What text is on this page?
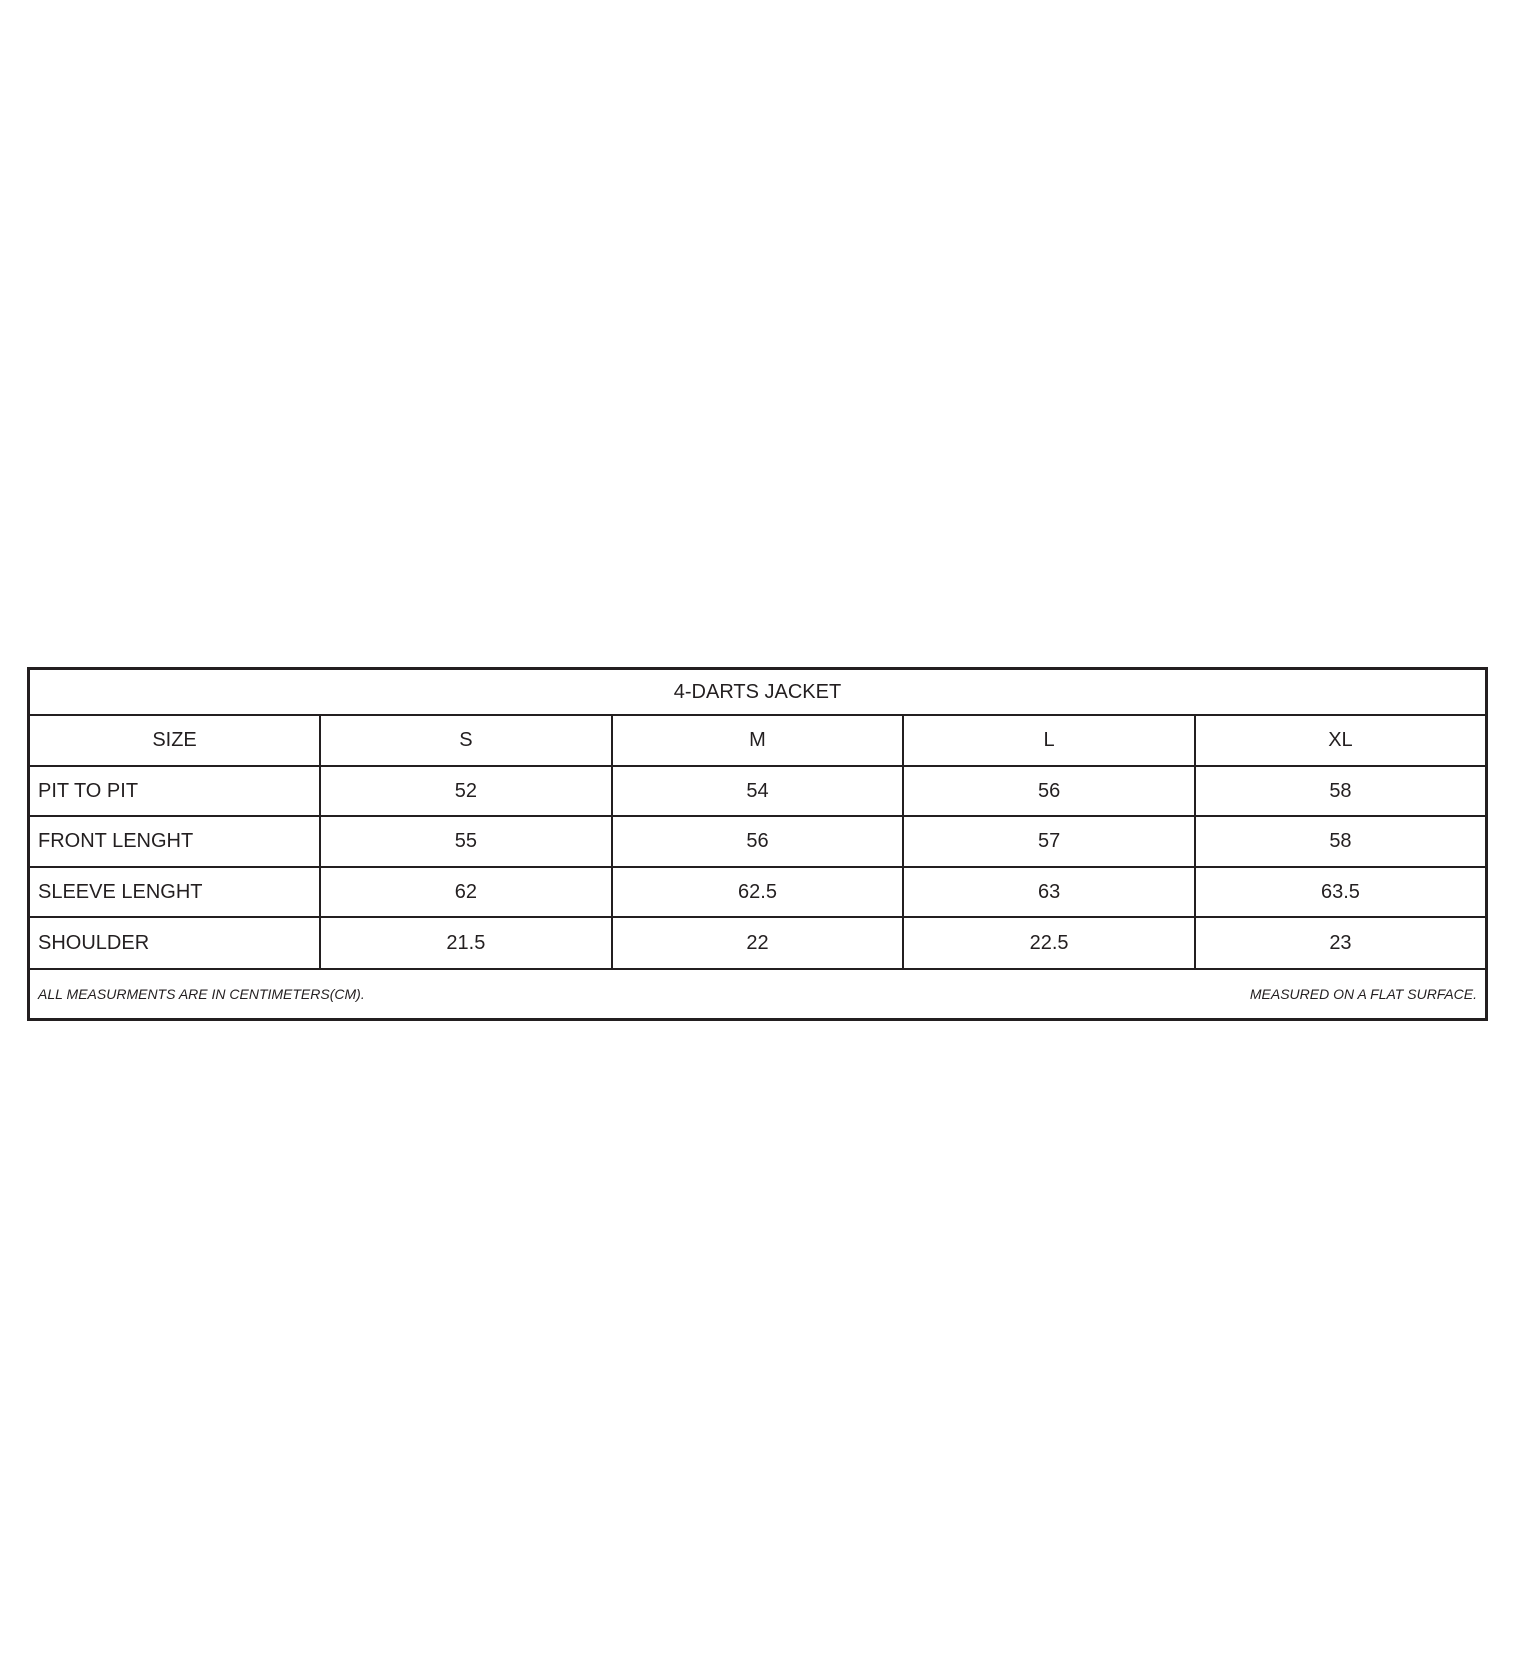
4-DARTS JACKET				
SIZE	S	M	L	XL
PIT TO PIT	52	54	56	58
FRONT LENGHT	55	56	57	58
SLEEVE LENGHT	62	62.5	63	63.5
SHOULDER	21.5	22	22.5	23

ALL MEASURMENTS ARE IN CENTIMETERS(CM). MEASURED ON A FLAT SURFACE.				
